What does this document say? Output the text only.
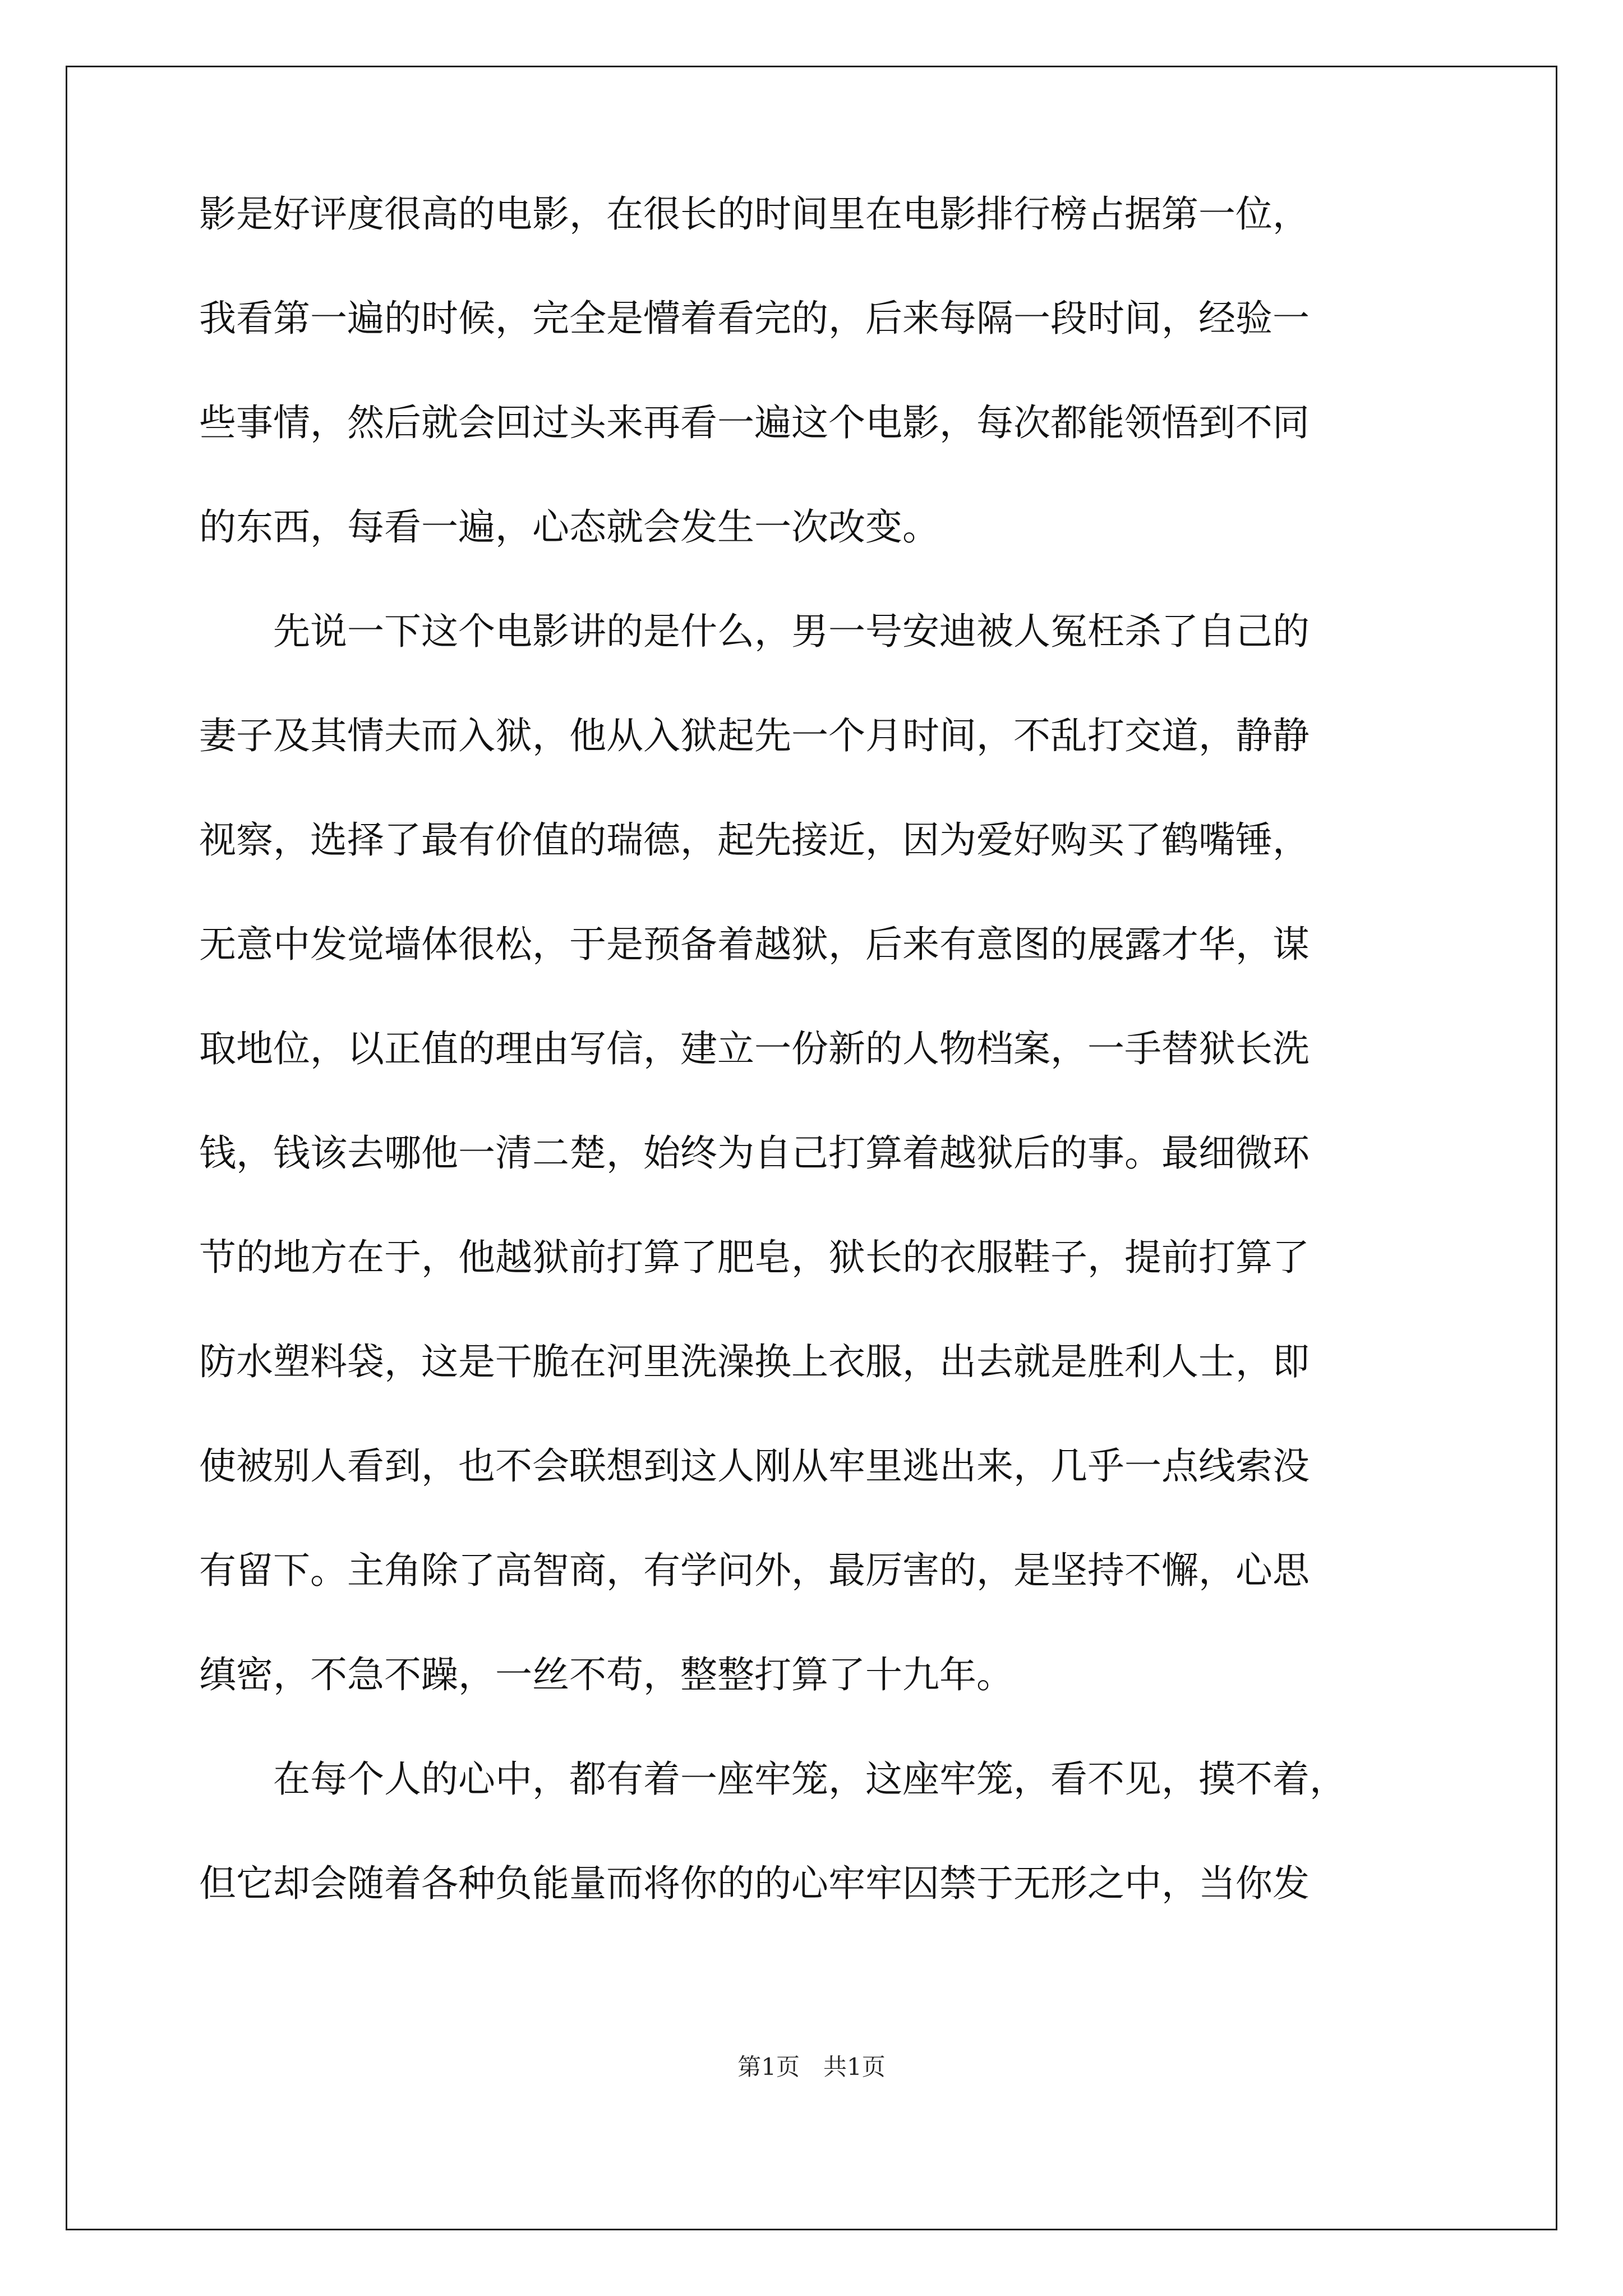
影是好评度很高的电影，在很长的时间里在电影排行榜占据第一位，
我看第一遍的时候，完全是懵着看完的，后来每隔一段时间，经验一
些事情，然后就会回过头来再看一遍这个电影，每次都能领悟到不同
的东西，每看一遍，心态就会发生一次改变。
先说一下这个电影讲的是什么，男一号安迪被人冤枉杀了自己的
妻子及其情夫而入狱，他从入狱起先一个月时间，不乱打交道，静静
视察，选择了最有价值的瑞德，起先接近，因为爱好购买了鹤嘴锤，
无意中发觉墙体很松，于是预备着越狱，后来有意图的展露才华，谋
取地位，以正值的理由写信，建立一份新的人物档案，一手替狱长洗
钱，钱该去哪他一清二楚，始终为自己打算着越狱后的事。最细微环
节的地方在于，他越狱前打算了肥皂，狱长的衣服鞋子，提前打算了
防水塑料袋，这是干脆在河里洗澡换上衣服，出去就是胜利人士，即
使被别人看到，也不会联想到这人刚从牢里逃出来，几乎一点线索没
有留下。主角除了高智商，有学问外，最厉害的，是坚持不懈，心思
缜密，不急不躁，一丝不苟，整整打算了十九年。
在每个人的心中，都有着一座牢笼，这座牢笼，看不见，摸不着，
但它却会随着各种负能量而将你的的心牢牢囚禁于无形之中，当你发
第1页　共1页
